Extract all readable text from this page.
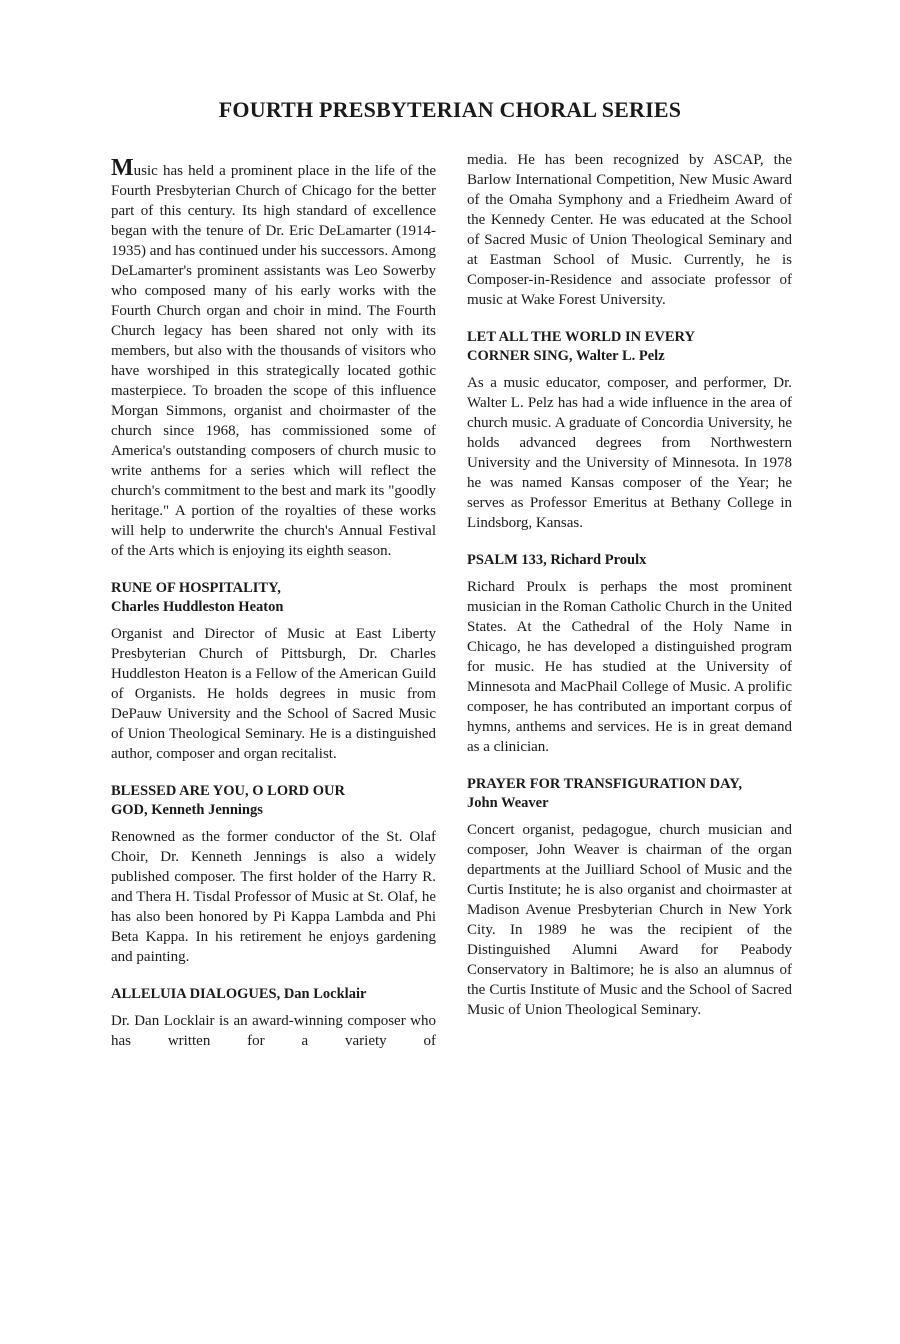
FOURTH PRESBYTERIAN CHORAL SERIES

Music has held a prominent place in the life of the Fourth Presbyterian Church of Chicago for the better part of this century. Its high standard of excellence began with the tenure of Dr. Eric DeLamarter (1914-1935) and has continued under his successors. Among DeLamarter's prominent assistants was Leo Sowerby who composed many of his early works with the Fourth Church organ and choir in mind. The Fourth Church legacy has been shared not only with its members, but also with the thousands of visitors who have worshiped in this strategically located gothic masterpiece. To broaden the scope of this influence Morgan Simmons, organist and choirmaster of the church since 1968, has commissioned some of America's outstanding composers of church music to write anthems for a series which will reflect the church's commitment to the best and mark its "goodly heritage." A portion of the royalties of these works will help to underwrite the church's Annual Festival of the Arts which is enjoying its eighth season.

RUNE OF HOSPITALITY,
Charles Huddleston Heaton

Organist and Director of Music at East Liberty Presbyterian Church of Pittsburgh, Dr. Charles Huddleston Heaton is a Fellow of the American Guild of Organists. He holds degrees in music from DePauw University and the School of Sacred Music of Union Theological Seminary. He is a distinguished author, composer and organ recitalist.

BLESSED ARE YOU, O LORD OUR
GOD, Kenneth Jennings

Renowned as the former conductor of the St. Olaf Choir, Dr. Kenneth Jennings is also a widely published composer. The first holder of the Harry R. and Thera H. Tisdal Professor of Music at St. Olaf, he has also been honored by Pi Kappa Lambda and Phi Beta Kappa. In his retirement he enjoys gardening and painting.

ALLELUIA DIALOGUES, Dan Locklair

Dr. Dan Locklair is an award-winning composer who has written for a variety of

media. He has been recognized by ASCAP, the Barlow International Competition, New Music Award of the Omaha Symphony and a Friedheim Award of the Kennedy Center. He was educated at the School of Sacred Music of Union Theological Seminary and at Eastman School of Music. Currently, he is Composer-in-Residence and associate professor of music at Wake Forest University.

LET ALL THE WORLD IN EVERY
CORNER SING, Walter L. Pelz

As a music educator, composer, and performer, Dr. Walter L. Pelz has had a wide influence in the area of church music. A graduate of Concordia University, he holds advanced degrees from Northwestern University and the University of Minnesota. In 1978 he was named Kansas composer of the Year; he serves as Professor Emeritus at Bethany College in Lindsborg, Kansas.

PSALM 133, Richard Proulx

Richard Proulx is perhaps the most prominent musician in the Roman Catholic Church in the United States. At the Cathedral of the Holy Name in Chicago, he has developed a distinguished program for music. He has studied at the University of Minnesota and MacPhail College of Music. A prolific composer, he has contributed an important corpus of hymns, anthems and services. He is in great demand as a clinician.

PRAYER FOR TRANSFIGURATION DAY,
John Weaver

Concert organist, pedagogue, church musician and composer, John Weaver is chairman of the organ departments at the Juilliard School of Music and the Curtis Institute; he is also organist and choirmaster at Madison Avenue Presbyterian Church in New York City. In 1989 he was the recipient of the Distinguished Alumni Award for Peabody Conservatory in Baltimore; he is also an alumnus of the Curtis Institute of Music and the School of Sacred Music of Union Theological Seminary.
